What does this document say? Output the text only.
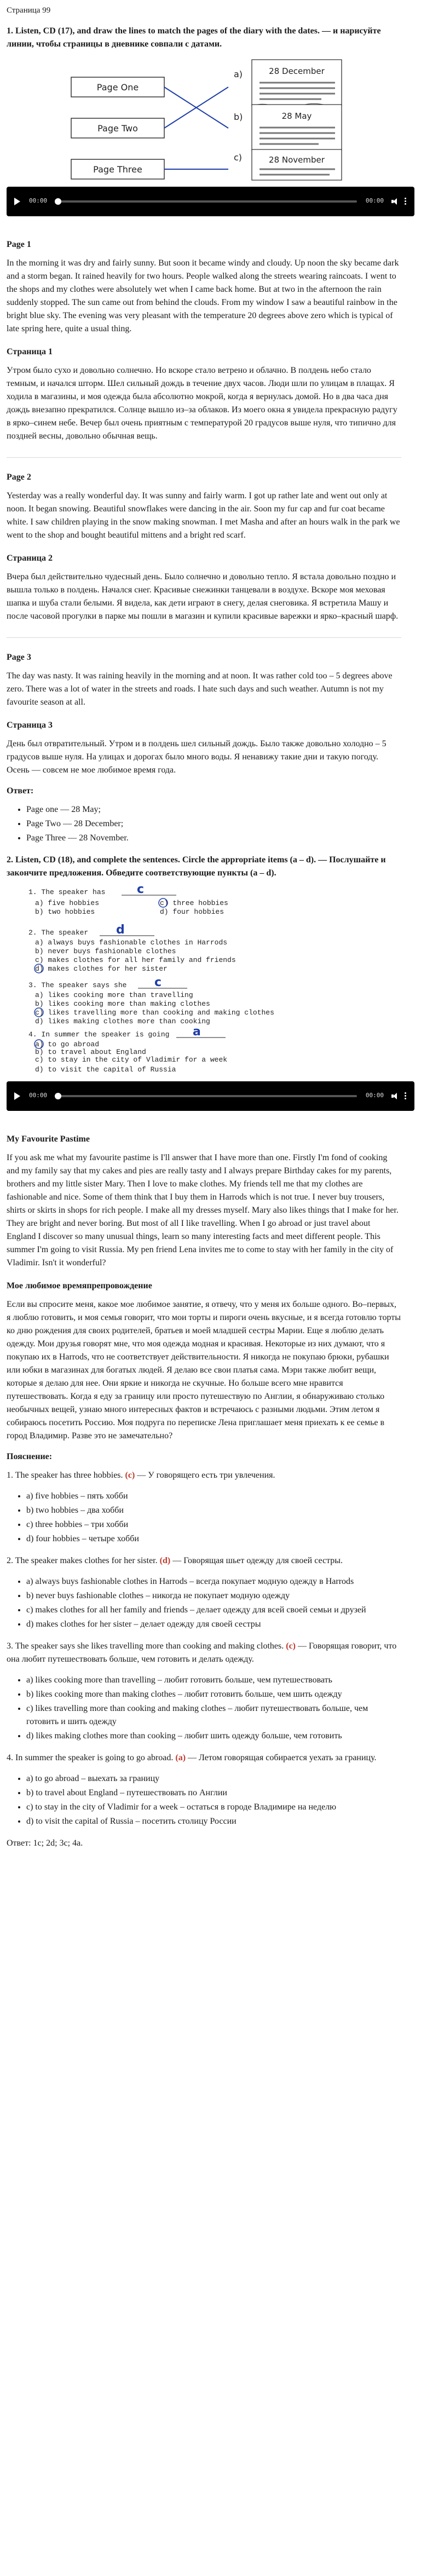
Страница 99

1. Listen, CD (17), and draw the lines to match the pages of the diary with the dates. — и нарисуйте линии, чтобы страницы в дневнике совпали с датами.

Page One
Page Two
Page Three
a)
b)
c)
28 December
28 May
28 November
00:00	00:00
Page 1

In the morning it was dry and fairly sunny. But soon it became windy and cloudy. Up noon the sky became dark and a storm began. It rained heavily for two hours. People walked along the streets wearing raincoats. I went to the shops and my clothes were absolutely wet when I came back home. But at two in the afternoon the rain suddenly stopped. The sun came out from behind the clouds. From my window I saw a beautiful rainbow in the bright blue sky. The evening was very pleasant with the temperature 20 degrees above zero which is typical of late spring here, quite a usual thing.

Страница 1

Утром было сухо и довольно солнечно. Но вскоре стало ветрено и облачно. В полдень небо стало темным, и начался шторм. Шел сильный дождь в течение двух часов. Люди шли по улицам в плащах. Я ходила в магазины, и моя одежда была абсолютно мокрой, когда я вернулась домой. Но в два часа дня дождь внезапно прекратился. Солнце вышло из–за облаков. Из моего окна я увидела прекрасную радугу в ярко–синем небе. Вечер был очень приятным с температурой 20 градусов выше нуля, что типично для поздней весны, довольно обычная вещь.

Page 2

Yesterday was a really wonderful day. It was sunny and fairly warm. I got up rather late and went out only at noon. It began snowing. Beautiful snowflakes were dancing in the air. Soon my fur cap and fur coat became white. I saw children playing in the snow making snowman. I met Masha and after an hours walk in the park we went to the shop and bought beautiful mittens and a bright red scarf.

Страница 2

Вчера был действительно чудесный день. Было солнечно и довольно тепло. Я встала довольно поздно и вышла только в полдень. Начался снег. Красивые снежинки танцевали в воздухе. Вскоре моя меховая шапка и шуба стали белыми. Я видела, как дети играют в снегу, делая снеговика. Я встретила Машу и после часовой прогулки в парке мы пошли в магазин и купили красивые варежки и ярко–красный шарф.

Page 3

The day was nasty. It was raining heavily in the morning and at noon. It was rather cold too – 5 degrees above zero. There was a lot of water in the streets and roads. I hate such days and such weather. Autumn is not my favourite season at all.

Страница 3

День был отвратительный. Утром и в полдень шел сильный дождь. Было также довольно холодно – 5 градусов выше нуля. На улицах и дорогах было много воды. Я ненавижу такие дни и такую погоду. Осень — совсем не мое любимое время года.

Ответ:

• Page one — 28 May;
• Page Two — 28 December;
• Page Three — 28 November.

2. Listen, CD (18), and complete the sentences. Circle the appropriate items (a – d). — Послушайте и закончите предложения. Обведите соответствующие пункты (а – d).

1. The speaker has	c
a) five hobbies	c) three hobbies
b) two hobbies	d) four hobbies
2. The speaker d
a) always buys fashionable clothes in Harrods
b) never buys fashionable clothes
c) makes clothes for all her family and friends
d) makes clothes for her sister
3. The speaker says she c
a) likes cooking more than travelling
b) likes cooking more than making clothes
c) likes travelling more than cooking and making clothes
d) likes making clothes more than cooking
4. In summer the speaker is going a
a) to go abroad
b) to travel about England
c) to stay in the city of Vladimir for a week
d) to visit the capital of Russia
00:00	00:00
My Favourite Pastime

If you ask me what my favourite pastime is I'll answer that I have more than one. Firstly I'm fond of cooking and my family say that my cakes and pies are really tasty and I always prepare Birthday cakes for my parents, brothers and my little sister Mary. Then I love to make clothes. My friends tell me that my clothes are fashionable and nice. Some of them think that I buy them in Harrods which is not true. I never buy trousers, shirts or skirts in shops for rich people. I make all my dresses myself. Mary also likes things that I make for her. They are bright and never boring. But most of all I like travelling. When I go abroad or just travel about England I discover so many unusual things, learn so many interesting facts and meet different people. This summer I'm going to visit Russia. My pen friend Lena invites me to come to stay with her family in the city of Vladimir. Isn't it wonderful?

Мое любимое времяпрепровождение

Если вы спросите меня, какое мое любимое занятие, я отвечу, что у меня их больше одного. Во–первых, я люблю готовить, и моя семья говорит, что мои торты и пироги очень вкусные, и я всегда готовлю торты ко дню рождения для своих родителей, братьев и моей младшей сестры Марии. Еще я люблю делать одежду. Мои друзья говорят мне, что моя одежда модная и красивая. Некоторые из них думают, что я покупаю их в Harrods, что не соответствует действительности. Я никогда не покупаю брюки, рубашки или юбки в магазинах для богатых людей. Я делаю все свои платья сама. Мэри также любит вещи, которые я делаю для нее. Они яркие и никогда не скучные. Но больше всего мне нравится путешествовать. Когда я еду за границу или просто путешествую по Англии, я обнаруживаю столько необычных вещей, узнаю много интересных фактов и встречаюсь с разными людьми. Этим летом я собираюсь посетить Россию. Моя подруга по переписке Лена приглашает меня приехать к ее семье в город Владимир. Разве это не замечательно?

Пояснение:

1. The speaker has three hobbies. (с) — У говорящего есть три увлечения.

• a) five hobbies – пять хобби
• b) two hobbies – два хобби
• c) three hobbies – три хобби
• d) four hobbies – четыре хобби

2. The speaker makes clothes for her sister. (d) — Говорящая шьет одежду для своей сестры.

• a) always buys fashionable clothes in Harrods – всегда покупает модную одежду в Harrods
• b) never buys fashionable clothes – никогда не покупает модную одежду
• c) makes clothes for all her family and friends – делает одежду для всей своей семьи и друзей
• d) makes clothes for her sister – делает одежду для своей сестры

3. The speaker says she likes travelling more than cooking and making clothes. (с) — Говорящая говорит, что она любит путешествовать больше, чем готовить и делать одежду.

• a) likes cooking more than travelling – любит готовить больше, чем путешествовать
• b) likes cooking more than making clothes – любит готовить больше, чем шить одежду
• c) likes travelling more than cooking and making clothes – любит путешествовать больше, чем готовить и шить одежду
• d) likes making clothes more than cooking – любит шить одежду больше, чем готовить

4. In summer the speaker is going to go abroad. (а) — Летом говорящая собирается уехать за границу.

• a) to go abroad – выехать за границу
• b) to travel about England – путешествовать по Англии
• c) to stay in the city of Vladimir for a week – остаться в городе Владимире на неделю
• d) to visit the capital of Russia – посетить столицу России

Ответ: 1c; 2d; 3c; 4a.
